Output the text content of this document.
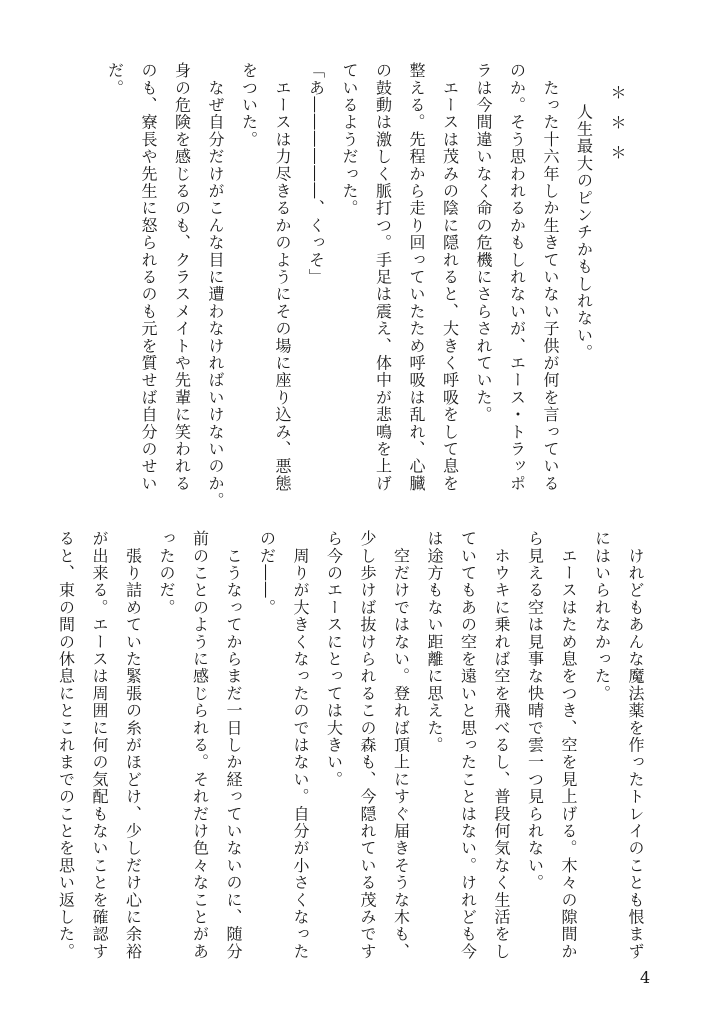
＊＊＊
　人生最大のピンチかもしれない。
　たった十六年しか生きていない子供が何を言っている
のか。そう思われるかもしれないが、エース・トラッポ
ラは今間違いなく命の危機にさらされていた。
　エースは茂みの陰に隠れると、大きく呼吸をして息を
整える。先程から走り回っていたため呼吸は乱れ、心臓
の鼓動は激しく脈打つ。手足は震え、体中が悲鳴を上げ
ているようだった。
「あ――――――、くっそ」
　エースは力尽きるかのようにその場に座り込み、悪態
をついた。
　なぜ自分だけがこんな目に遭わなければいけないのか。
身の危険を感じるのも、クラスメイトや先輩に笑われる
のも、寮長や先生に怒られるのも元を質せば自分のせい
だ。
　けれどもあんな魔法薬を作ったトレイのことも恨まず
にはいられなかった。
　エースはため息をつき、空を見上げる。木々の隙間か
ら見える空は見事な快晴で雲一つ見られない。
　ホウキに乗れば空を飛べるし、普段何気なく生活をし
ていてもあの空を遠いと思ったことはない。けれども今
は途方もない距離に思えた。
　空だけではない。登れば頂上にすぐ届きそうな木も、
少し歩けば抜けられるこの森も、今隠れている茂みです
ら今のエースにとっては大きい。
　周りが大きくなったのではない。自分が小さくなった
のだ――。
　こうなってからまだ一日しか経っていないのに、随分
前のことのように感じられる。それだけ色々なことがあ
ったのだ。
　張り詰めていた緊張の糸がほどけ、少しだけ心に余裕
が出来る。エースは周囲に何の気配もないことを確認す
ると、束の間の休息にとこれまでのことを思い返した。
4
